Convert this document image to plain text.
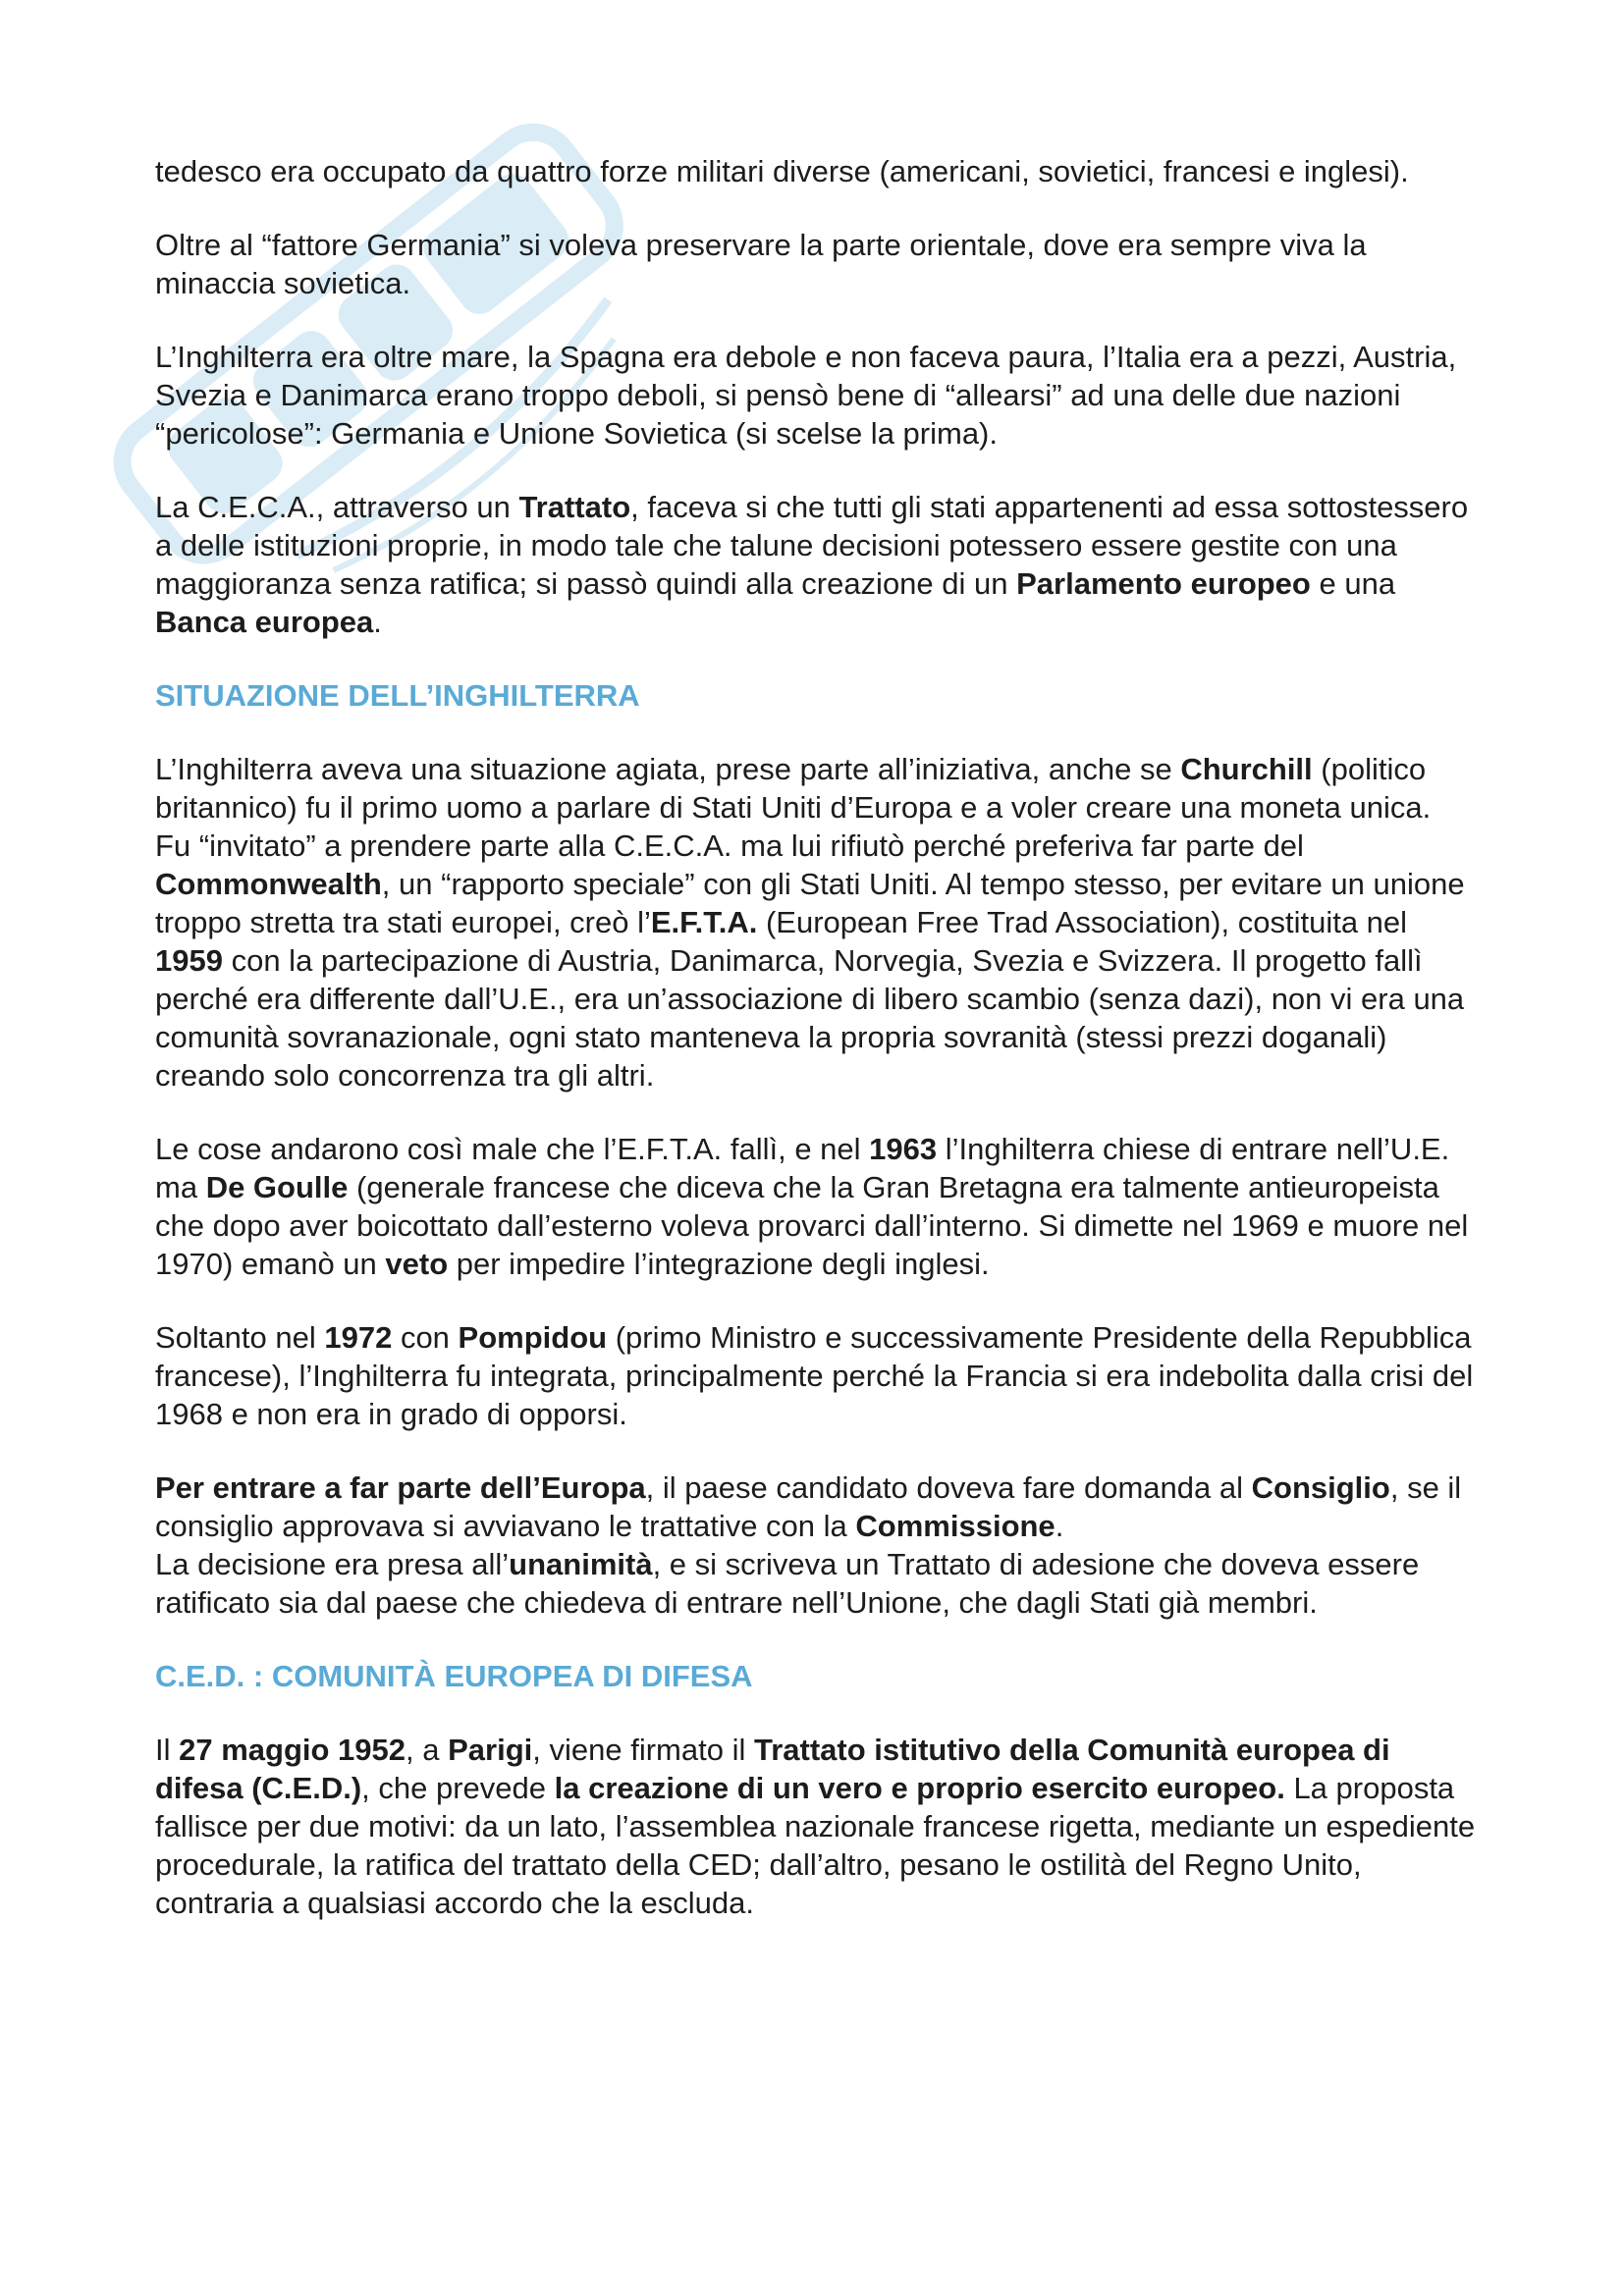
tedesco era occupato da quattro forze militari diverse (americani, sovietici, francesi e inglesi).

Oltre al “fattore Germania” si voleva preservare la parte orientale, dove era sempre viva la minaccia sovietica.

L’Inghilterra era oltre mare, la Spagna era debole e non faceva paura, l’Italia era a pezzi, Austria, Svezia e Danimarca erano troppo deboli, si pensò bene di “allearsi” ad una delle due nazioni “pericolose”: Germania e Unione Sovietica (si scelse la prima).

La C.E.C.A., attraverso un Trattato, faceva si che tutti gli stati appartenenti ad essa sottostessero a delle istituzioni proprie, in modo tale che talune decisioni potessero essere gestite con una maggioranza senza ratifica; si passò quindi alla creazione di un Parlamento europeo e una Banca europea.

SITUAZIONE DELL’INGHILTERRA

L’Inghilterra aveva una situazione agiata, prese parte all’iniziativa, anche se Churchill (politico britannico) fu il primo uomo a parlare di Stati Uniti d’Europa e a voler creare una moneta unica.

Fu “invitato” a prendere parte alla C.E.C.A. ma lui rifiutò perché preferiva far parte del Commonwealth, un “rapporto speciale” con gli Stati Uniti. Al tempo stesso, per evitare un unione troppo stretta tra stati europei, creò l’E.F.T.A. (European Free Trad Association), costituita nel 1959 con la partecipazione di Austria, Danimarca, Norvegia, Svezia e Svizzera. Il progetto fallì perché era differente dall’U.E., era un’associazione di libero scambio (senza dazi), non vi era una comunità sovranazionale, ogni stato manteneva la propria sovranità (stessi prezzi doganali) creando solo concorrenza tra gli altri.

Le cose andarono così male che l’E.F.T.A. fallì, e nel 1963 l’Inghilterra chiese di entrare nell’U.E. ma De Goulle (generale francese che diceva che la Gran Bretagna era talmente antieuropeista che dopo aver boicottato dall’esterno voleva provarci dall’interno. Si dimette nel 1969 e muore nel 1970) emanò un veto per impedire l’integrazione degli inglesi.

Soltanto nel 1972 con Pompidou (primo Ministro e successivamente Presidente della Repubblica francese), l’Inghilterra fu integrata, principalmente perché la Francia si era indebolita dalla crisi del 1968 e non era in grado di opporsi.

Per entrare a far parte dell’Europa, il paese candidato doveva fare domanda al Consiglio, se il consiglio approvava si avviavano le trattative con la Commissione.

La decisione era presa all’unanimità, e si scriveva un Trattato di adesione che doveva essere ratificato sia dal paese che chiedeva di entrare nell’Unione, che dagli Stati già membri.

C.E.D. : COMUNITÀ EUROPEA DI DIFESA

Il 27 maggio 1952, a Parigi, viene firmato il Trattato istitutivo della Comunità europea di difesa (C.E.D.), che prevede la creazione di un vero e proprio esercito europeo. La proposta fallisce per due motivi: da un lato, l’assemblea nazionale francese rigetta, mediante un espediente procedurale, la ratifica del trattato della CED; dall’altro, pesano le ostilità del Regno Unito, contraria a qualsiasi accordo che la escluda.
